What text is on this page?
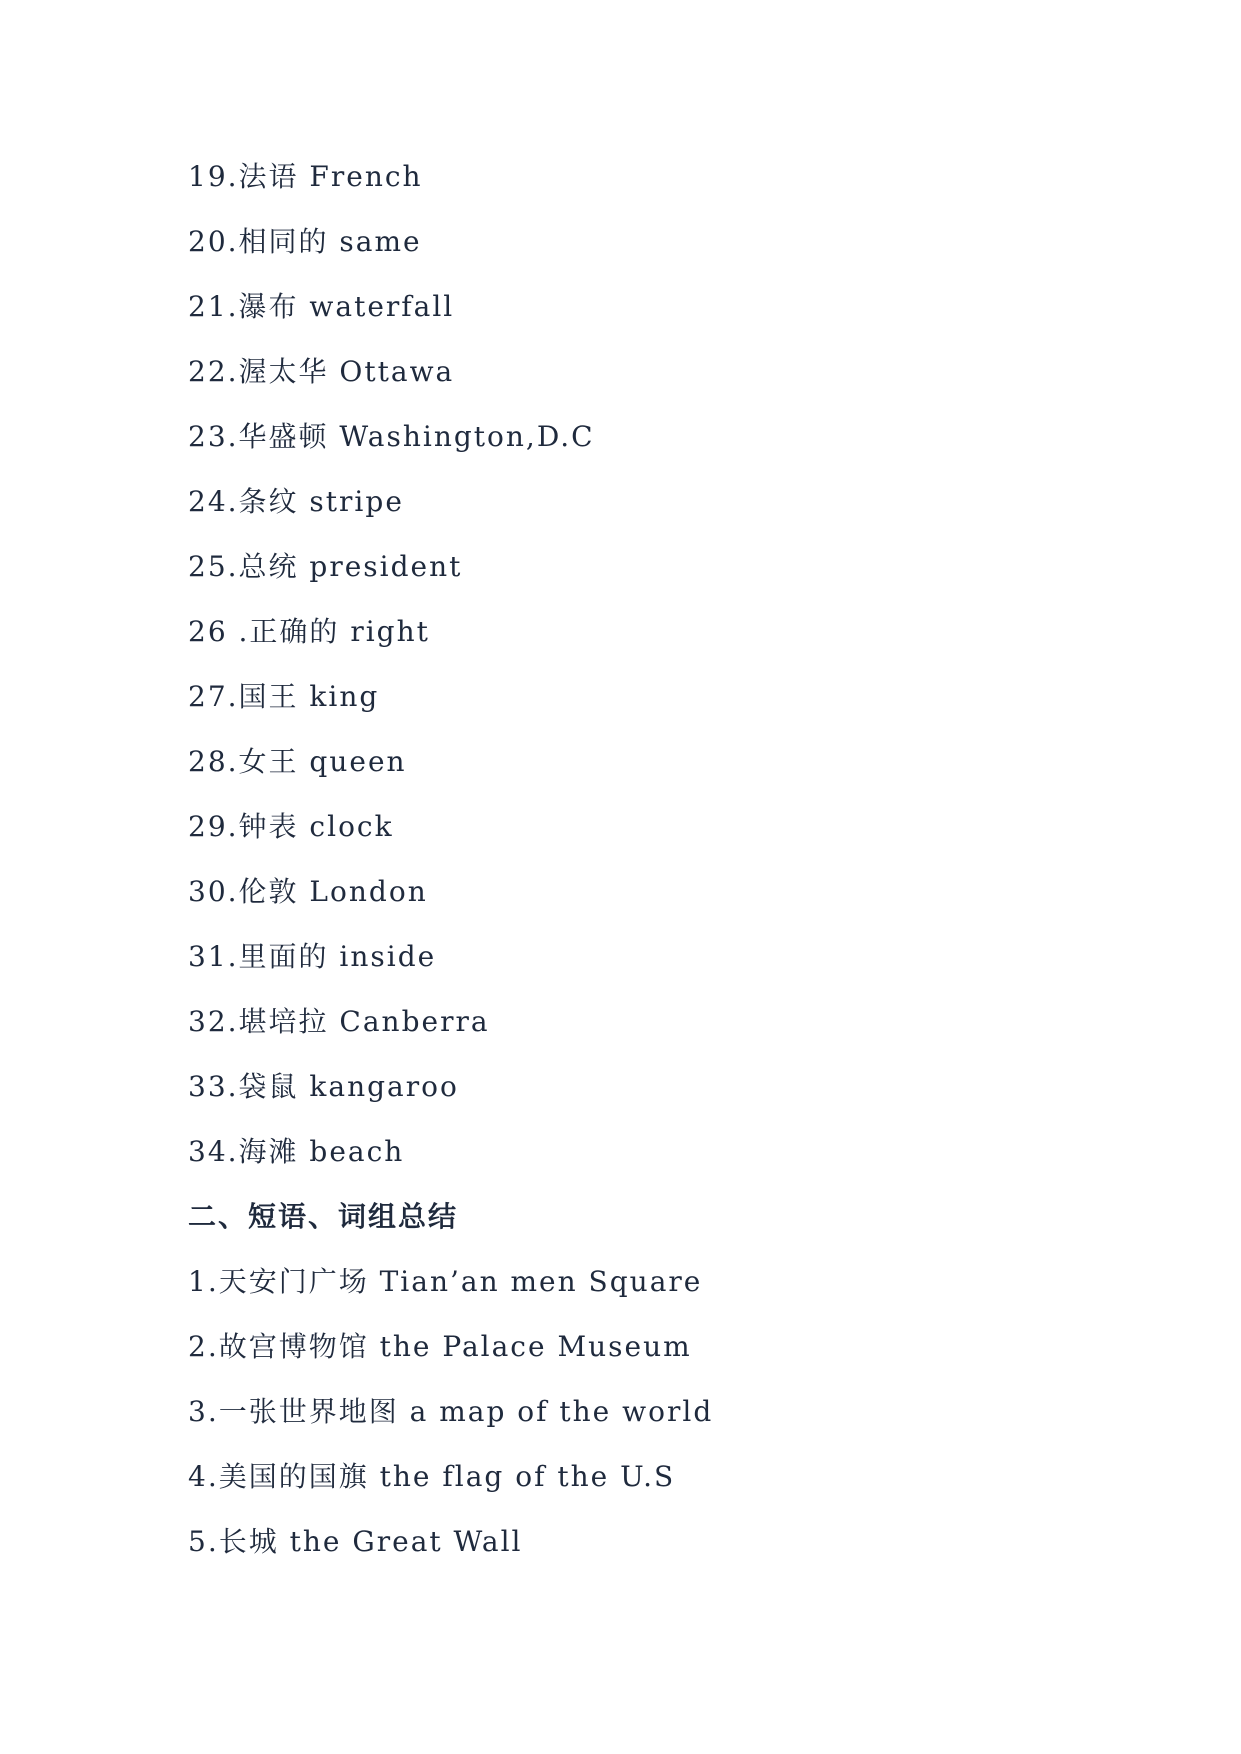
19.法语 French
20.相同的 same
21.瀑布 waterfall
22.渥太华 Ottawa
23.华盛顿 Washington,D.C
24.条纹 stripe
25.总统 president
26 .正确的 right
27.国王 king
28.女王 queen
29.钟表 clock
30.伦敦 London
31.里面的 inside
32.堪培拉 Canberra
33.袋鼠 kangaroo
34.海滩 beach
二、短语、词组总结
1.天安门广场 Tian’an men Square
2.故宫博物馆 the Palace Museum
3.一张世界地图 a map of the world
4.美国的国旗 the flag of the U.S
5.长城 the Great Wall
